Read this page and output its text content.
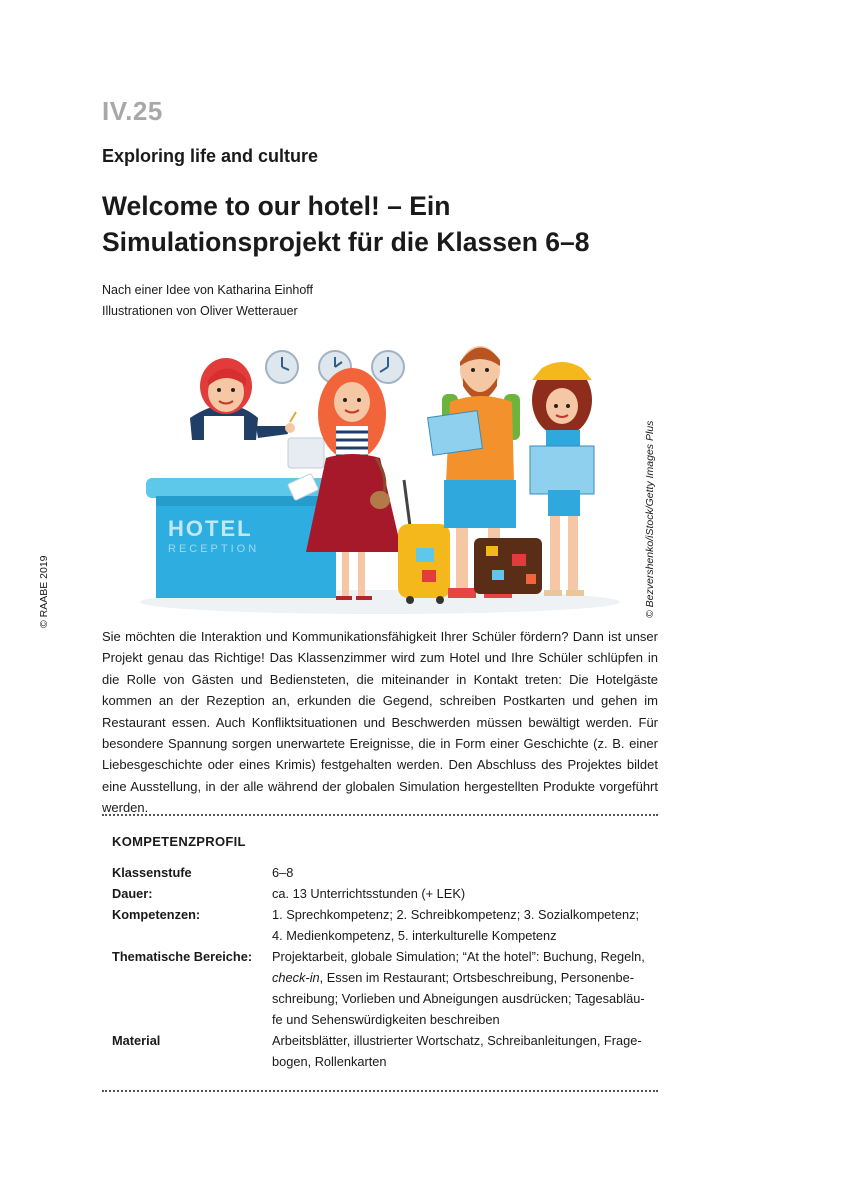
IV.25
Exploring life and culture
Welcome to our hotel! – Ein
Simulationsprojekt für die Klassen 6–8
Nach einer Idee von Katharina Einhoff
Illustrationen von Oliver Wetterauer
HOTEL
RECEPTION	© Bezvershenko/iStock/Getty Images Plus
© RAABE 2019

Sie möchten die Interaktion und Kommunikationsfähigkeit Ihrer Schüler fördern? Dann ist unser Projekt genau das Richtige! Das Klassenzimmer wird zum Hotel und Ihre Schüler schlüpfen in die Rolle von Gästen und Bediensteten, die miteinander in Kontakt treten: Die Hotelgäste kommen an der Rezeption an, erkunden die Gegend, schreiben Postkarten und gehen im Restaurant essen. Auch Konfliktsituationen und Beschwerden müssen bewältigt werden. Für besondere Spannung sorgen unerwartete Ereignisse, die in Form einer Geschichte (z. B. einer Liebesgeschichte oder eines Krimis) festgehalten werden. Den Abschluss des Projektes bildet eine Ausstellung, in der alle während der globalen Simulation hergestellten Produkte vorgeführt werden.

KOMPETENZPROFIL
Klassenstufe	6–8
Dauer:	ca. 13 Unterrichtsstunden (+ LEK)
Kompetenzen:	1. Sprechkompetenz; 2. Schreibkompetenz; 3. Sozialkompetenz;
4. Medienkompetenz, 5. interkulturelle Kompetenz
Thematische Bereiche:	Projektarbeit, globale Simulation; “At the hotel”: Buchung, Regeln,
check-in, Essen im Restaurant; Ortsbeschreibung, Personenbe-
schreibung; Vorlieben und Abneigungen ausdrücken; Tagesabläu-
fe und Sehenswürdigkeiten beschreiben
Material	Arbeitsblätter, illustrierter Wortschatz, Schreibanleitungen, Frage-
bogen, Rollenkarten
